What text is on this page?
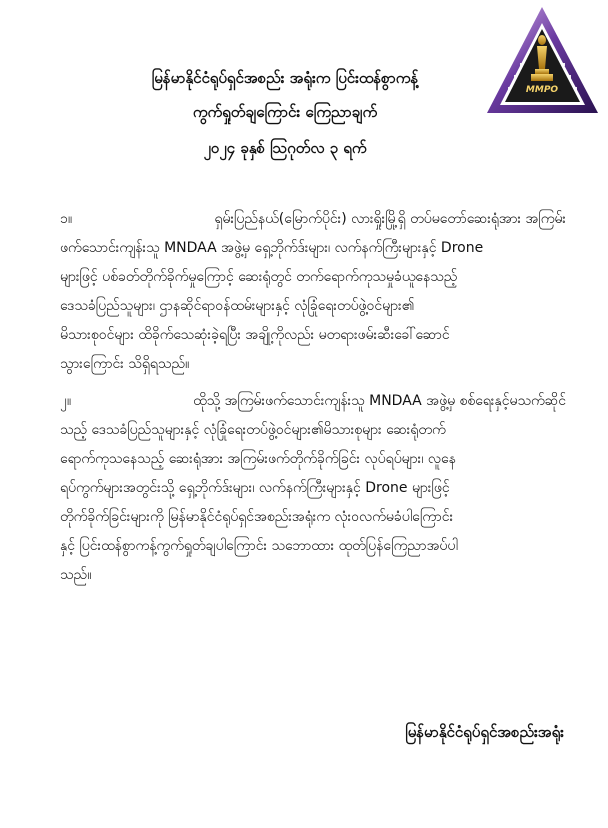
MMPO
မြန်မာနိုင်ငံရုပ်ရှင်အစည်း အရုံးက ပြင်းထန်စွာကန့်
ကွက်ရှုတ်ချကြောင်း ကြေညာချက်
၂၀၂၄ ခုနှစ် ဩဂုတ်လ ၃ ရက်
၁။	ရှမ်းပြည်နယ်(မြောက်ပိုင်း) လားရှိုးမြို့ရှိ တပ်မတော်ဆေးရုံအား အကြမ်း
ဖက်သောင်းကျန်းသူ MNDAA အဖွဲ့မှ ရှေ့ဘိုက်ဒ်းများ၊ လက်နက်ကြီးများနှင့် Drone
များဖြင့် ပစ်ခတ်တိုက်ခိုက်မှုကြောင့် ဆေးရုံတွင် တက်ရောက်ကုသမှုခံယူနေသည့်
ဒေသခံပြည်သူများ၊ ဌာနဆိုင်ရာဝန်ထမ်းများနှင့် လုံခြုံရေးတပ်ဖွဲ့ဝင်များ၏
မိသားစုဝင်များ ထိခိုက်သေဆုံးခဲ့ရပြီး အချို့ကိုလည်း မတရားဖမ်းဆီးခေါ်ဆောင်
သွားကြောင်း သိရှိရသည်။
၂။	ထိုသို့ အကြမ်းဖက်သောင်းကျန်းသူ MNDAA အဖွဲ့မှ စစ်ရေးနှင့်မသက်ဆိုင်
သည့် ဒေသခံပြည်သူများနှင့် လုံခြုံရေးတပ်ဖွဲ့ဝင်များ၏မိသားစုများ ဆေးရုံတက်
ရောက်ကုသနေသည့် ဆေးရုံအား အကြမ်းဖက်တိုက်ခိုက်ခြင်း လုပ်ရပ်များ၊ လူနေ
ရပ်ကွက်များအတွင်းသို့ ရှေ့ဘိုက်ဒ်းများ၊ လက်နက်ကြီးများနှင့် Drone များဖြင့်
တိုက်ခိုက်ခြင်းများကို မြန်မာနိုင်ငံရုပ်ရှင်အစည်းအရုံးက လုံးဝလက်မခံပါကြောင်း
နှင့် ပြင်းထန်စွာကန့်ကွက်ရှုတ်ချပါကြောင်း သဘောထား ထုတ်ပြန်ကြေညာအပ်ပါ
သည်။
မြန်မာနိုင်ငံရုပ်ရှင်အစည်းအရုံး
